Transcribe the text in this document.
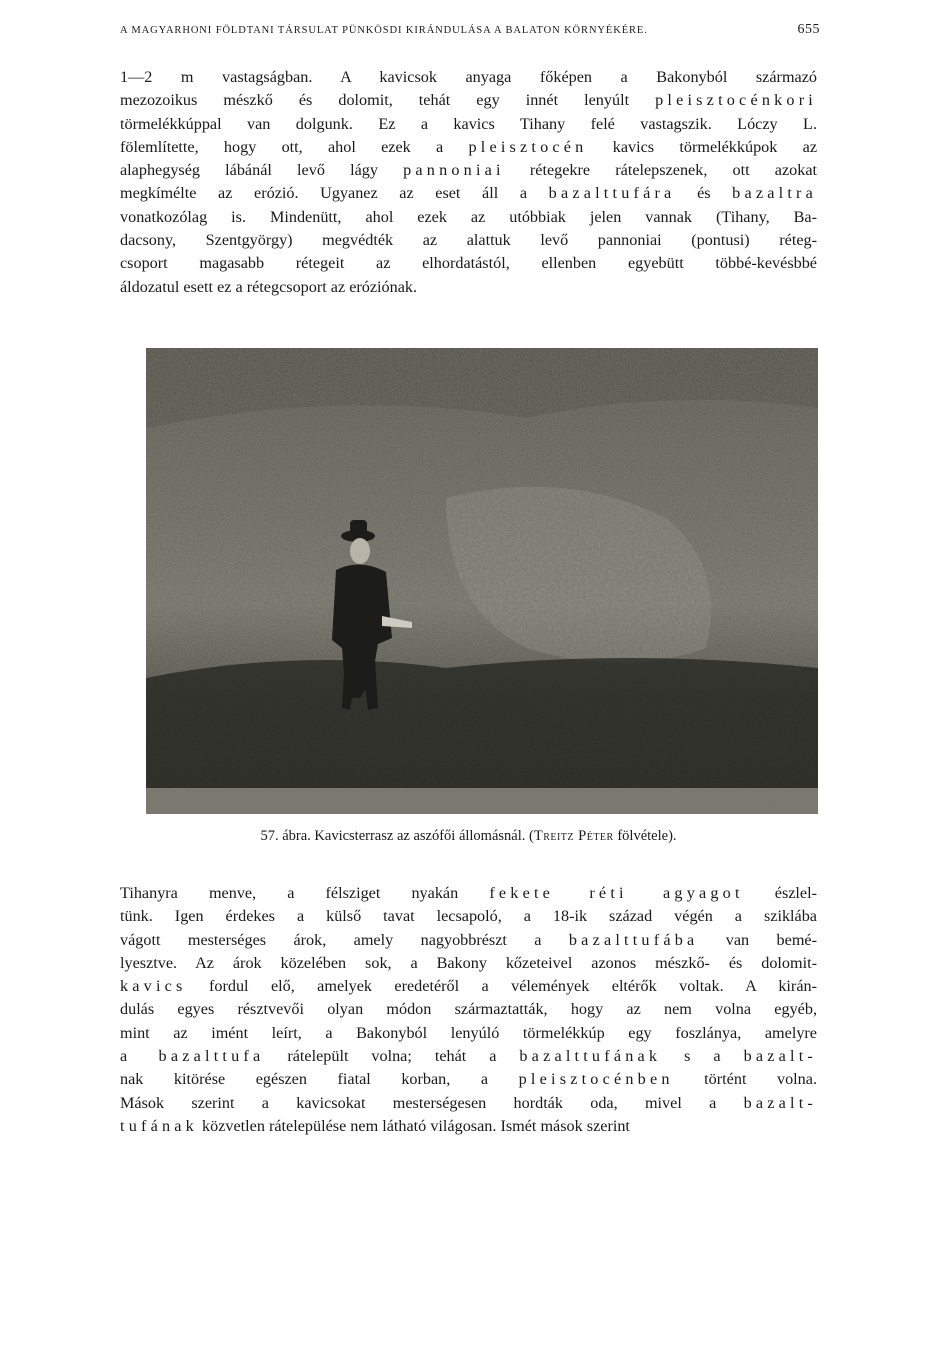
A MAGYARHONI FÖLDTANI TÁRSULAT PÜNKÖSDI KIRÁNDULÁSA A BALATON KÖRNYÉKÉRE.	655
1—2 m vastagságban. A kavicsok anyaga főképen a Bakonyból származó
mezozoikus mészkő és dolomit, tehát egy innét lenyúlt pleisztocénkori
törmelékkúppal van dolgunk. Ez a kavics Tihany felé vastagszik. Lóczy L.
fölemlítette, hogy ott, ahol ezek a pleisztocén kavics törmelékkúpok az
alaphegység lábánál levő lágy pannoniai rétegekre rátelepszenek, ott azokat
megkímélte az erózió. Ugyanez az eset áll a bazalttufára és bazaltra
vonatkozólag is. Mindenütt, ahol ezek az utóbbiak jelen vannak (Tihany, Ba-
dacsony, Szentgyörgy) megvédték az alattuk levő pannoniai (pontusi) réteg-
csoport magasabb rétegeit az elhordatástól, ellenben egyebütt többé-kevésbbé
áldozatul esett ez a rétegcsoport az eróziónak.
57. ábra. Kavicsterrasz az aszófői állomásnál. (Treitz Péter fölvétele).
Tihanyra menve, a félsziget nyakán fekete réti agyagot észlel-
tünk. Igen érdekes a külső tavat lecsapoló, a 18-ik század végén a sziklába
vágott mesterséges árok, amely nagyobbrészt a bazalttufába van bemé-
lyesztve. Az árok közelében sok, a Bakony kőzeteivel azonos mészkő- és dolomit-
kavics fordul elő, amelyek eredetéről a vélemények eltérők voltak. A kirán-
dulás egyes résztvevői olyan módon származtatták, hogy az nem volna egyéb,
mint az imént leírt, a Bakonyból lenyúló törmelékkúp egy foszlánya, amelyre
a bazalttufa rátelepült volna; tehát a bazalttufának s a bazalt-
nak kitörése egészen fiatal korban, a pleisztocénben történt volna.
Mások szerint a kavicsokat mesterségesen hordták oda, mivel a bazalt-
tufának közvetlen rátelepülése nem látható világosan. Ismét mások szerint
